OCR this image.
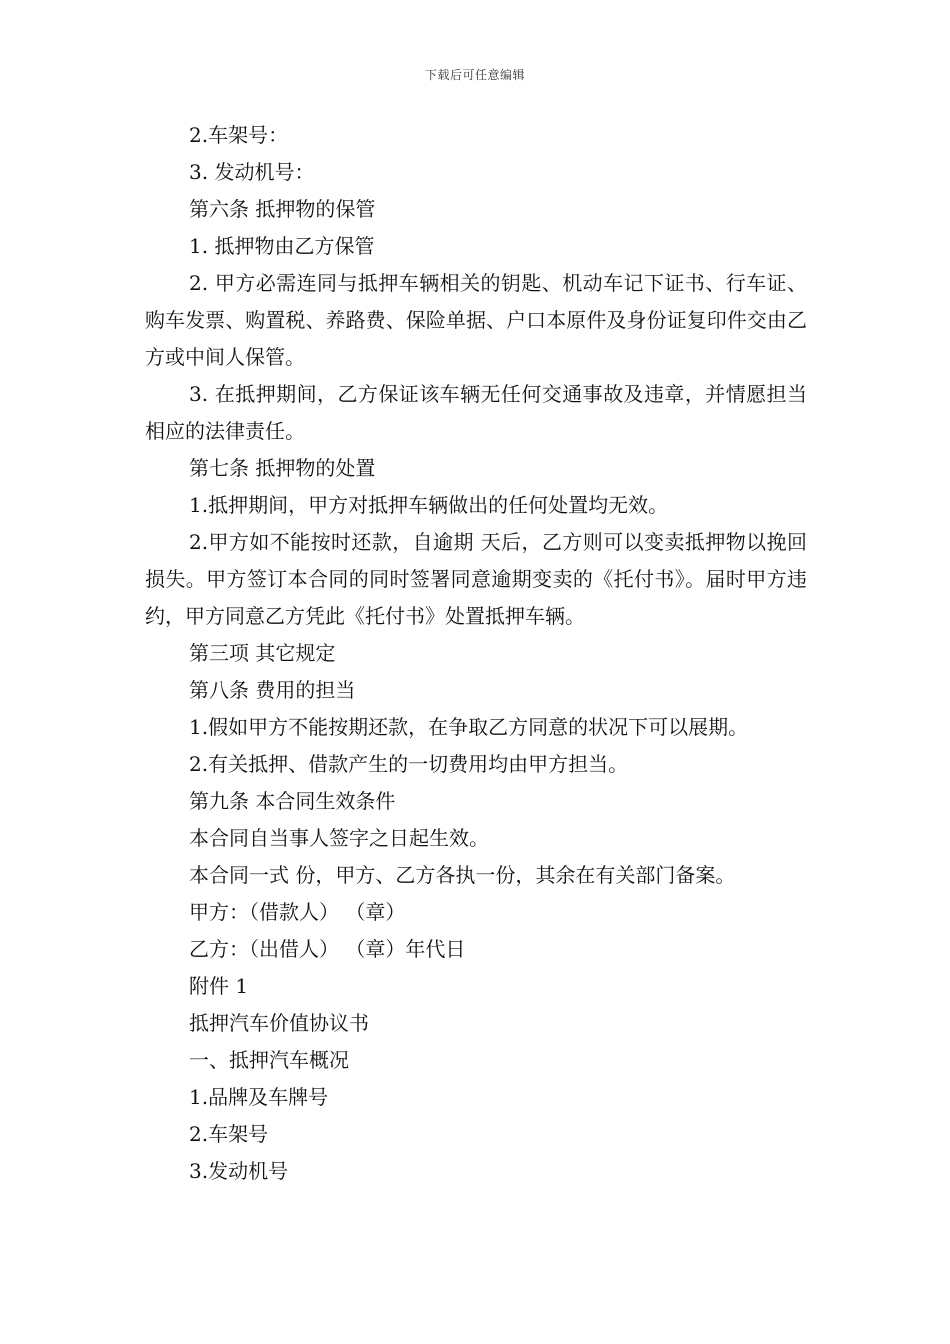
下载后可任意编辑

2.车架号：

3. 发动机号：

第六条 抵押物的保管

1. 抵押物由乙方保管

2. 甲方必需连同与抵押车辆相关的钥匙、机动车记下证书、行车证、购车发票、购置税、养路费、保险单据、户口本原件及身份证复印件交由乙方或中间人保管。

3. 在抵押期间，乙方保证该车辆无任何交通事故及违章，并情愿担当相应的法律责任。

第七条 抵押物的处置

1.抵押期间，甲方对抵押车辆做出的任何处置均无效。

2.甲方如不能按时还款，自逾期 天后，乙方则可以变卖抵押物以挽回损失。甲方签订本合同的同时签署同意逾期变卖的《托付书》。届时甲方违约，甲方同意乙方凭此《托付书》处置抵押车辆。

第三项 其它规定

第八条 费用的担当

1.假如甲方不能按期还款，在争取乙方同意的状况下可以展期。

2.有关抵押、借款产生的一切费用均由甲方担当。

第九条 本合同生效条件

本合同自当事人签字之日起生效。

本合同一式 份，甲方、乙方各执一份，其余在有关部门备案。

甲方：（借款人） （章）

乙方：（出借人） （章）年代日

附件 1

抵押汽车价值协议书

一、抵押汽车概况

1.品牌及车牌号

2.车架号

3.发动机号
